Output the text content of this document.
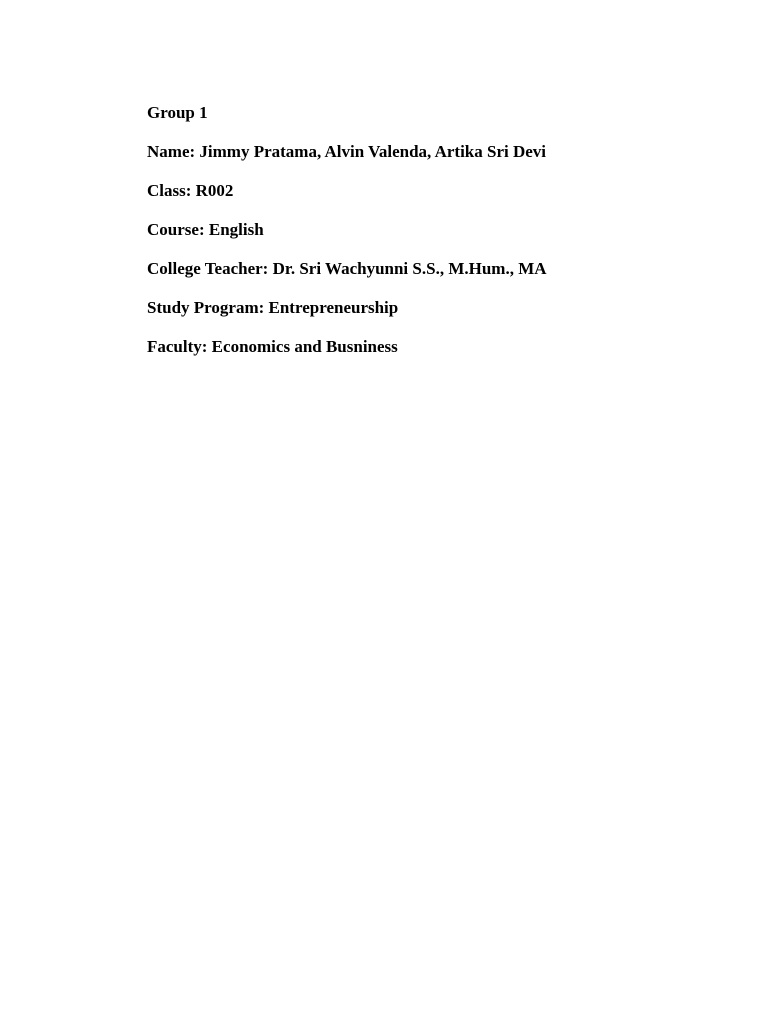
Group 1

Name: Jimmy Pratama, Alvin Valenda, Artika Sri Devi

Class: R002

Course: English

College Teacher: Dr. Sri Wachyunni S.S., M.Hum., MA

Study Program: Entrepreneurship

Faculty: Economics and Busniness
